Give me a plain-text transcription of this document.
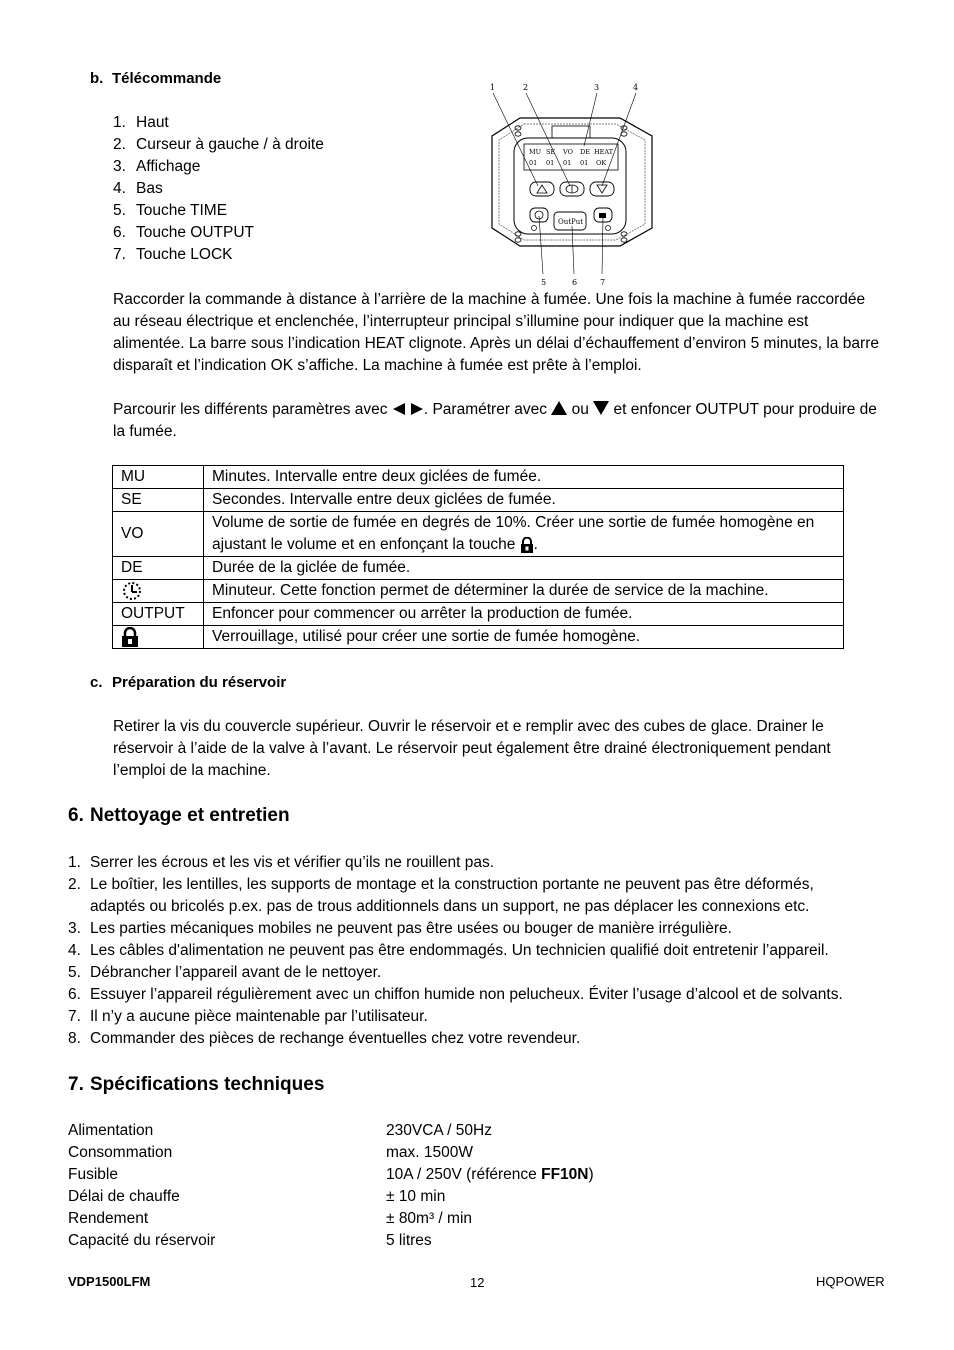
b. Télécommande
1. Haut
2. Curseur à gauche / à droite
3. Affichage
4. Bas
5. Touche TIME
6. Touche OUTPUT
7. Touche LOCK
1	2	3	4
5	6	7
MU SE VO DE HEAT
01 01 01 01 OK
OutPut
Raccorder la commande à distance à l’arrière de la machine à fumée. Une fois la machine à fumée raccordée au réseau électrique et enclenchée, l’interrupteur principal s’illumine pour indiquer que la machine est alimentée. La barre sous l’indication HEAT clignote. Après un délai d’échauffement d’environ 5 minutes, la barre disparaît et l’indication OK s’affiche. La machine à fumée est prête à l’emploi.
Parcourir les différents paramètres avec . Paramétrer avec  ou  et enfoncer OUTPUT pour produire de la fumée.
MU	Minutes. Intervalle entre deux giclées de fumée.
SE	Secondes. Intervalle entre deux giclées de fumée.
VO	Volume de sortie de fumée en degrés de 10%. Créer une sortie de fumée homogène en ajustant le volume et en enfonçant la touche .
DE	Durée de la giclée de fumée.
	Minuteur. Cette fonction permet de déterminer la durée de service de la machine.
OUTPUT	Enfoncer pour commencer ou arrêter la production de fumée.
	Verrouillage, utilisé pour créer une sortie de fumée homogène.
c. Préparation du réservoir
Retirer la vis du couvercle supérieur. Ouvrir le réservoir et e remplir avec des cubes de glace. Drainer le réservoir à l’aide de la valve à l’avant. Le réservoir peut également être drainé électroniquement pendant l’emploi de la machine.
6. Nettoyage et entretien
1. Serrer les écrous et les vis et vérifier qu’ils ne rouillent pas.
2. Le boîtier, les lentilles, les supports de montage et la construction portante ne peuvent pas être déformés, adaptés ou bricolés p.ex. pas de trous additionnels dans un support, ne pas déplacer les connexions etc.
3. Les parties mécaniques mobiles ne peuvent pas être usées ou bouger de manière irrégulière.
4. Les câbles d'alimentation ne peuvent pas être endommagés. Un technicien qualifié doit entretenir l’appareil.
5. Débrancher l’appareil avant de le nettoyer.
6. Essuyer l’appareil régulièrement avec un chiffon humide non pelucheux. Éviter l’usage d’alcool et de solvants.
7. Il n’y a aucune pièce maintenable par l’utilisateur.
8. Commander des pièces de rechange éventuelles chez votre revendeur.
7. Spécifications techniques
Alimentation	230VCA / 50Hz
Consommation	max. 1500W
Fusible	10A / 250V (référence FF10N)
Délai de chauffe	± 10 min
Rendement	± 80m³ / min
Capacité du réservoir	5 litres
VDP1500LFM	12	HQPOWER
